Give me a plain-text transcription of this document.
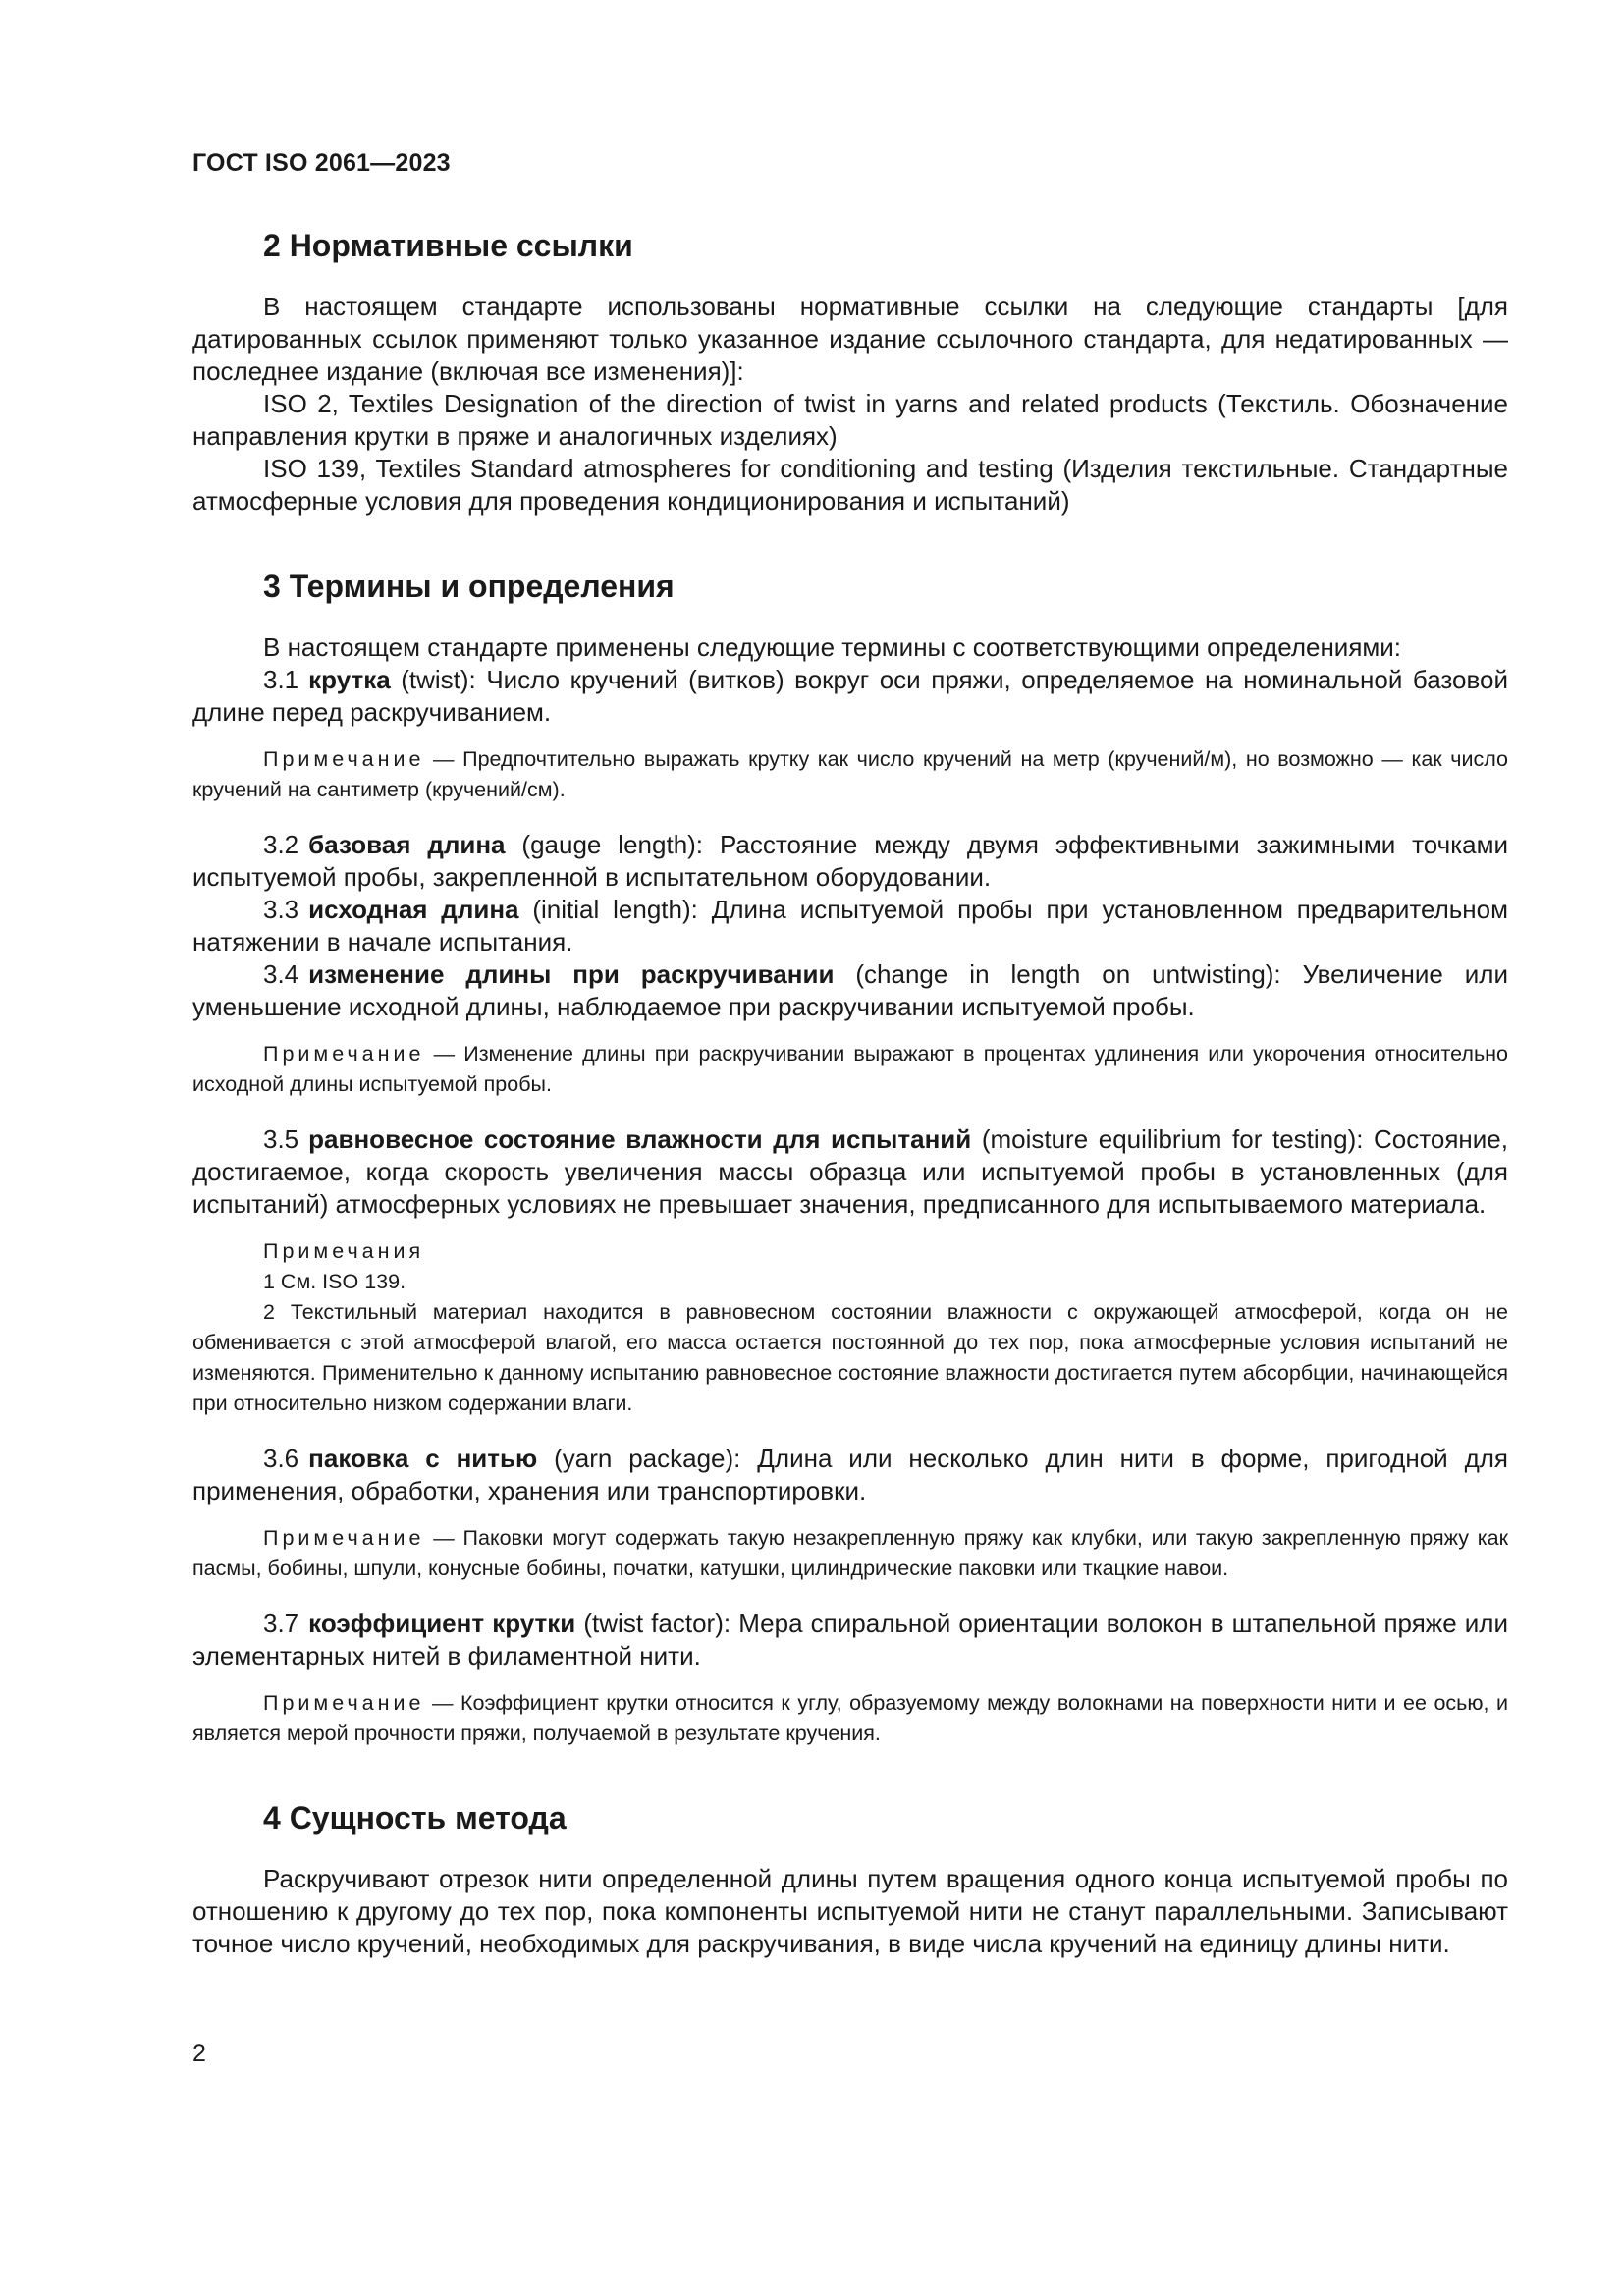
ГОСТ ISO 2061—2023
2 Нормативные ссылки

В настоящем стандарте использованы нормативные ссылки на следующие стандарты [для датированных ссылок применяют только указанное издание ссылочного стандарта, для недатированных — последнее издание (включая все изменения)]:

ISO 2, Textiles Designation of the direction of twist in yarns and related products (Текстиль. Обозначение направления крутки в пряже и аналогичных изделиях)

ISO 139, Textiles Standard atmospheres for conditioning and testing (Изделия текстильные. Стандартные атмосферные условия для проведения кондиционирования и испытаний)

3 Термины и определения

В настоящем стандарте применены следующие термины с соответствующими определениями:

3.1 крутка (twist): Число кручений (витков) вокруг оси пряжи, определяемое на номинальной базовой длине перед раскручиванием.

Примечание — Предпочтительно выражать крутку как число кручений на метр (кручений/м), но возможно — как число кручений на сантиметр (кручений/см).

3.2 базовая длина (gauge length): Расстояние между двумя эффективными зажимными точками испытуемой пробы, закрепленной в испытательном оборудовании.

3.3 исходная длина (initial length): Длина испытуемой пробы при установленном предварительном натяжении в начале испытания.

3.4 изменение длины при раскручивании (change in length on untwisting): Увеличение или уменьшение исходной длины, наблюдаемое при раскручивании испытуемой пробы.

Примечание — Изменение длины при раскручивании выражают в процентах удлинения или укорочения относительно исходной длины испытуемой пробы.

3.5 равновесное состояние влажности для испытаний (moisture equilibrium for testing): Состояние, достигаемое, когда скорость увеличения массы образца или испытуемой пробы в установленных (для испытаний) атмосферных условиях не превышает значения, предписанного для испытываемого материала.

Примечания

1 См. ISO 139.

2 Текстильный материал находится в равновесном состоянии влажности с окружающей атмосферой, когда он не обменивается с этой атмосферой влагой, его масса остается постоянной до тех пор, пока атмосферные условия испытаний не изменяются. Применительно к данному испытанию равновесное состояние влажности достигается путем абсорбции, начинающейся при относительно низком содержании влаги.

3.6 паковка с нитью (yarn package): Длина или несколько длин нити в форме, пригодной для применения, обработки, хранения или транспортировки.

Примечание — Паковки могут содержать такую незакрепленную пряжу как клубки, или такую закрепленную пряжу как пасмы, бобины, шпули, конусные бобины, початки, катушки, цилиндрические паковки или ткацкие навои.

3.7 коэффициент крутки (twist factor): Мера спиральной ориентации волокон в штапельной пряже или элементарных нитей в филаментной нити.

Примечание — Коэффициент крутки относится к углу, образуемому между волокнами на поверхности нити и ее осью, и является мерой прочности пряжи, получаемой в результате кручения.

4 Сущность метода

Раскручивают отрезок нити определенной длины путем вращения одного конца испытуемой пробы по отношению к другому до тех пор, пока компоненты испытуемой нити не станут параллельными. Записывают точное число кручений, необходимых для раскручивания, в виде числа кручений на единицу длины нити.

2
